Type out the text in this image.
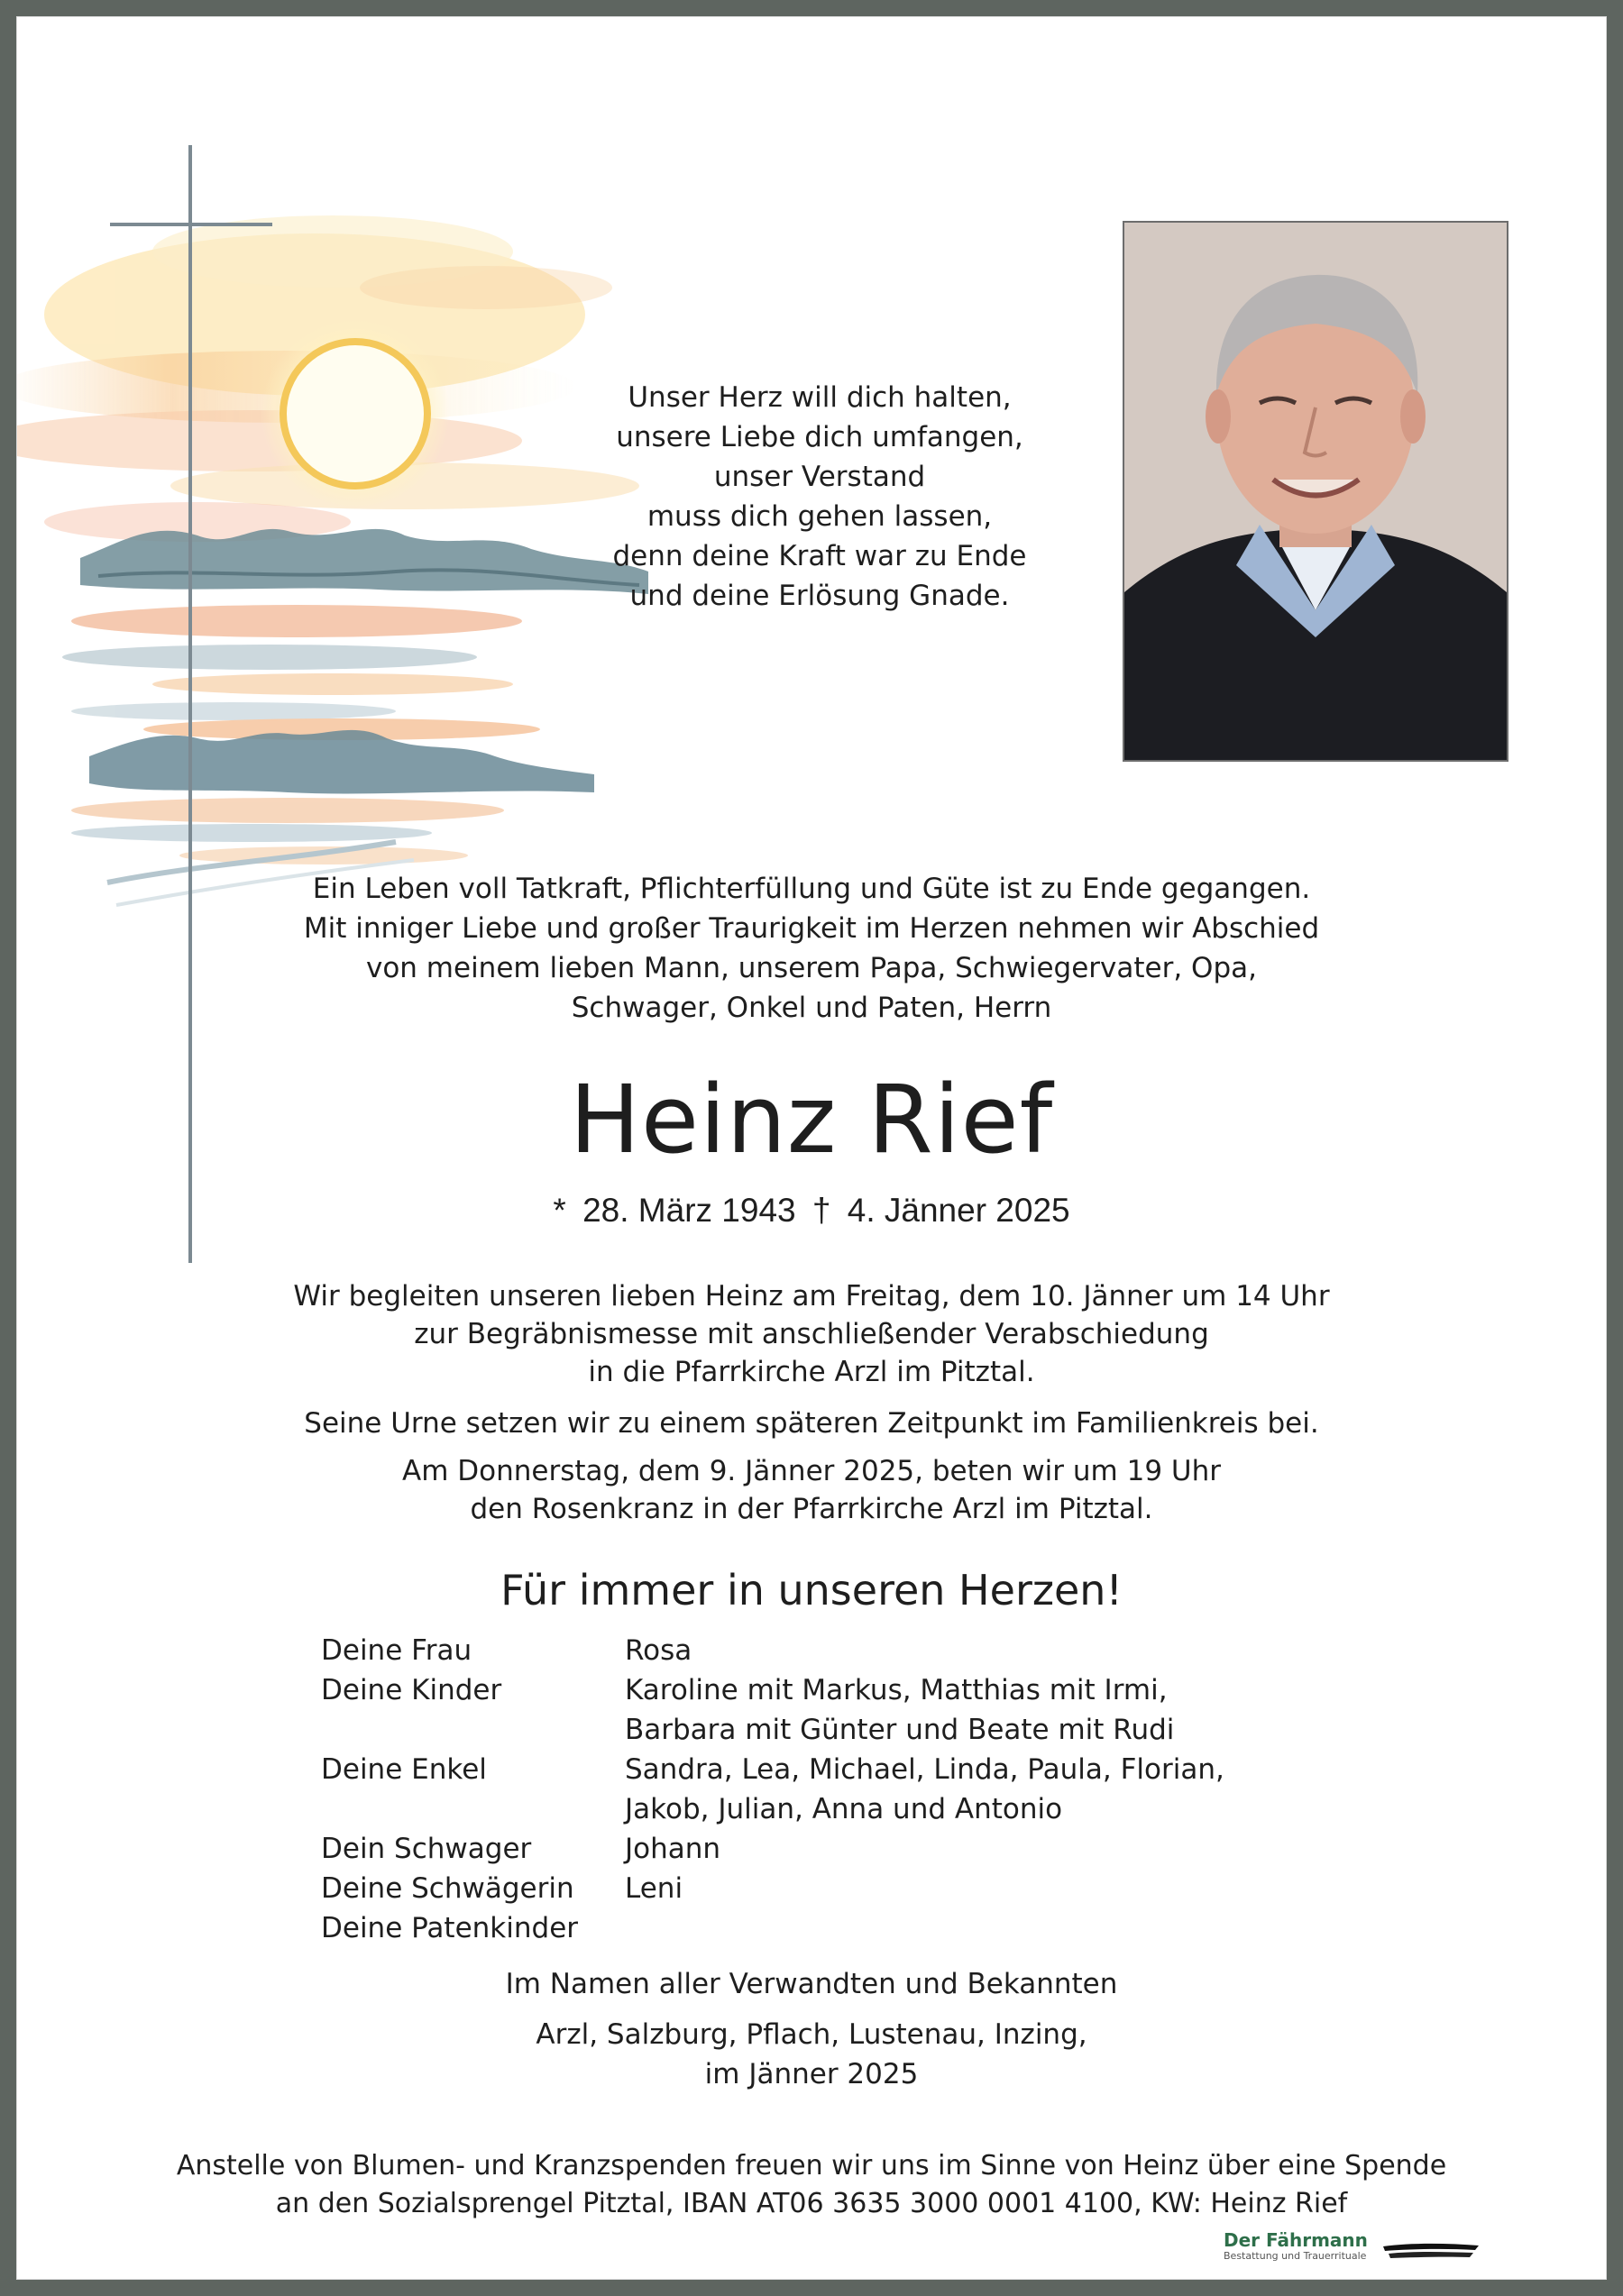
Unser Herz will dich halten,
unsere Liebe dich umfangen,
unser Verstand
muss dich gehen lassen,
denn deine Kraft war zu Ende
und deine Erlösung Gnade.
Ein Leben voll Tatkraft, Pflichterfüllung und Güte ist zu Ende gegangen.
Mit inniger Liebe und großer Traurigkeit im Herzen nehmen wir Abschied
von meinem lieben Mann, unserem Papa, Schwiegervater, Opa,
Schwager, Onkel und Paten, Herrn
Heinz Rief
* 28. März 1943 † 4. Jänner 2025
Wir begleiten unseren lieben Heinz am Freitag, dem 10. Jänner um 14 Uhr
zur Begräbnismesse mit anschließender Verabschiedung
in die Pfarrkirche Arzl im Pitztal.
Seine Urne setzen wir zu einem späteren Zeitpunkt im Familienkreis bei.
Am Donnerstag, dem 9. Jänner 2025, beten wir um 19 Uhr
den Rosenkranz in der Pfarrkirche Arzl im Pitztal.
Für immer in unseren Herzen!
Deine Frau	Rosa
Deine Kinder	Karoline mit Markus, Matthias mit Irmi,
Barbara mit Günter und Beate mit Rudi
Deine Enkel	Sandra, Lea, Michael, Linda, Paula, Florian,
Jakob, Julian, Anna und Antonio
Dein Schwager	Johann
Deine Schwägerin	Leni
Deine Patenkinder
Im Namen aller Verwandten und Bekannten
Arzl, Salzburg, Pflach, Lustenau, Inzing,
im Jänner 2025
Anstelle von Blumen- und Kranzspenden freuen wir uns im Sinne von Heinz über eine Spende
an den Sozialsprengel Pitztal, IBAN AT06 3635 3000 0001 4100, KW: Heinz Rief
Der Fährmann
Bestattung und Trauerrituale
